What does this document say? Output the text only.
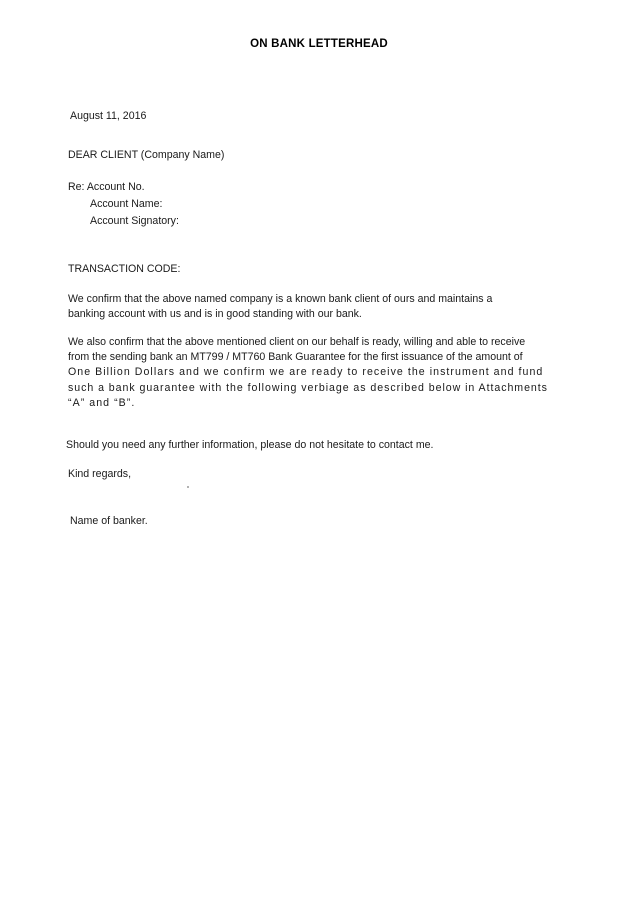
ON BANK LETTERHEAD
August 11, 2016
DEAR CLIENT (Company Name)
Re: Account No.
Account Name:
Account Signatory:
TRANSACTION CODE:
We confirm that the above named company is a known bank client of ours and maintains a
banking account with us and is in good standing with our bank.
We also confirm that the above mentioned client on our behalf is ready, willing and able to receive
from the sending bank an MT799 / MT760 Bank Guarantee for the first issuance of the amount of
One Billion Dollars and we confirm we are ready to receive the instrument and fund
such a bank guarantee with the following verbiage as described below in Attachments
“A” and “B”.
Should you need any further information, please do not hesitate to contact me.
Kind regards,
Name of banker.
